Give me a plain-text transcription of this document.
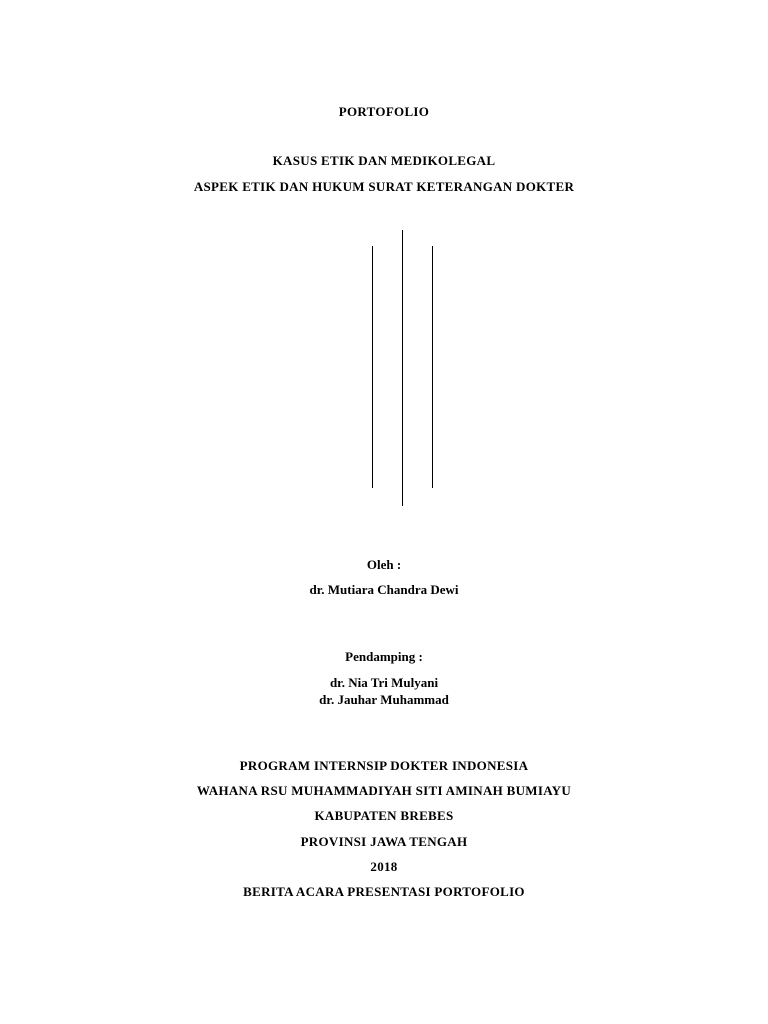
PORTOFOLIO
KASUS ETIK DAN MEDIKOLEGAL
ASPEK ETIK DAN HUKUM SURAT KETERANGAN DOKTER
Oleh :
dr. Mutiara Chandra Dewi
Pendamping :
dr. Nia Tri Mulyani
dr. Jauhar Muhammad
PROGRAM INTERNSIP DOKTER INDONESIA
WAHANA RSU MUHAMMADIYAH SITI AMINAH BUMIAYU
KABUPATEN BREBES
PROVINSI JAWA TENGAH
2018
BERITA ACARA PRESENTASI PORTOFOLIO
